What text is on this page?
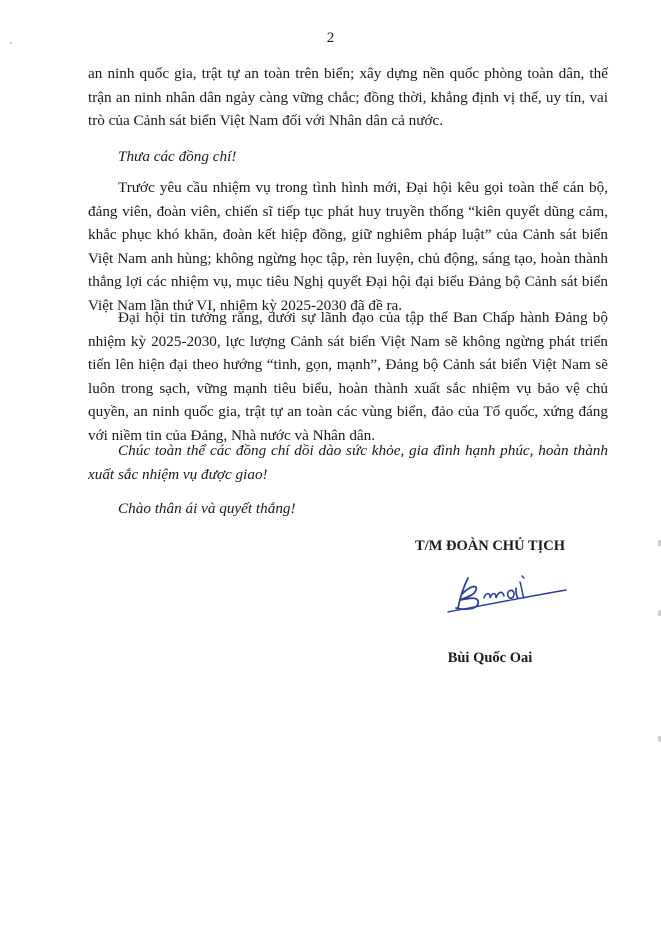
2

an ninh quốc gia, trật tự an toàn trên biển; xây dựng nền quốc phòng toàn dân, thế trận an ninh nhân dân ngày càng vững chắc; đồng thời, khẳng định vị thế, uy tín, vai trò của Cảnh sát biển Việt Nam đối với Nhân dân cả nước.

Thưa các đồng chí!

Trước yêu cầu nhiệm vụ trong tình hình mới, Đại hội kêu gọi toàn thể cán bộ, đảng viên, đoàn viên, chiến sĩ tiếp tục phát huy truyền thống “kiên quyết dũng cảm, khắc phục khó khăn, đoàn kết hiệp đồng, giữ nghiêm pháp luật” của Cảnh sát biển Việt Nam anh hùng; không ngừng học tập, rèn luyện, chủ động, sáng tạo, hoàn thành thắng lợi các nhiệm vụ, mục tiêu Nghị quyết Đại hội đại biểu Đảng bộ Cảnh sát biển Việt Nam lần thứ VI, nhiệm kỳ 2025-2030 đã đề ra.

Đại hội tin tưởng rằng, dưới sự lãnh đạo của tập thể Ban Chấp hành Đảng bộ nhiệm kỳ 2025-2030, lực lượng Cảnh sát biển Việt Nam sẽ không ngừng phát triển tiến lên hiện đại theo hướng “tinh, gọn, mạnh”, Đảng bộ Cảnh sát biển Việt Nam sẽ luôn trong sạch, vững mạnh tiêu biểu, hoàn thành xuất sắc nhiệm vụ bảo vệ chủ quyền, an ninh quốc gia, trật tự an toàn các vùng biển, đảo của Tổ quốc, xứng đáng với niềm tin của Đảng, Nhà nước và Nhân dân.

Chúc toàn thể các đồng chí dồi dào sức khỏe, gia đình hạnh phúc, hoàn thành xuất sắc nhiệm vụ được giao!

Chào thân ái và quyết thắng!

T/M ĐOÀN CHỦ TỊCH
Bùi Quốc Oai
